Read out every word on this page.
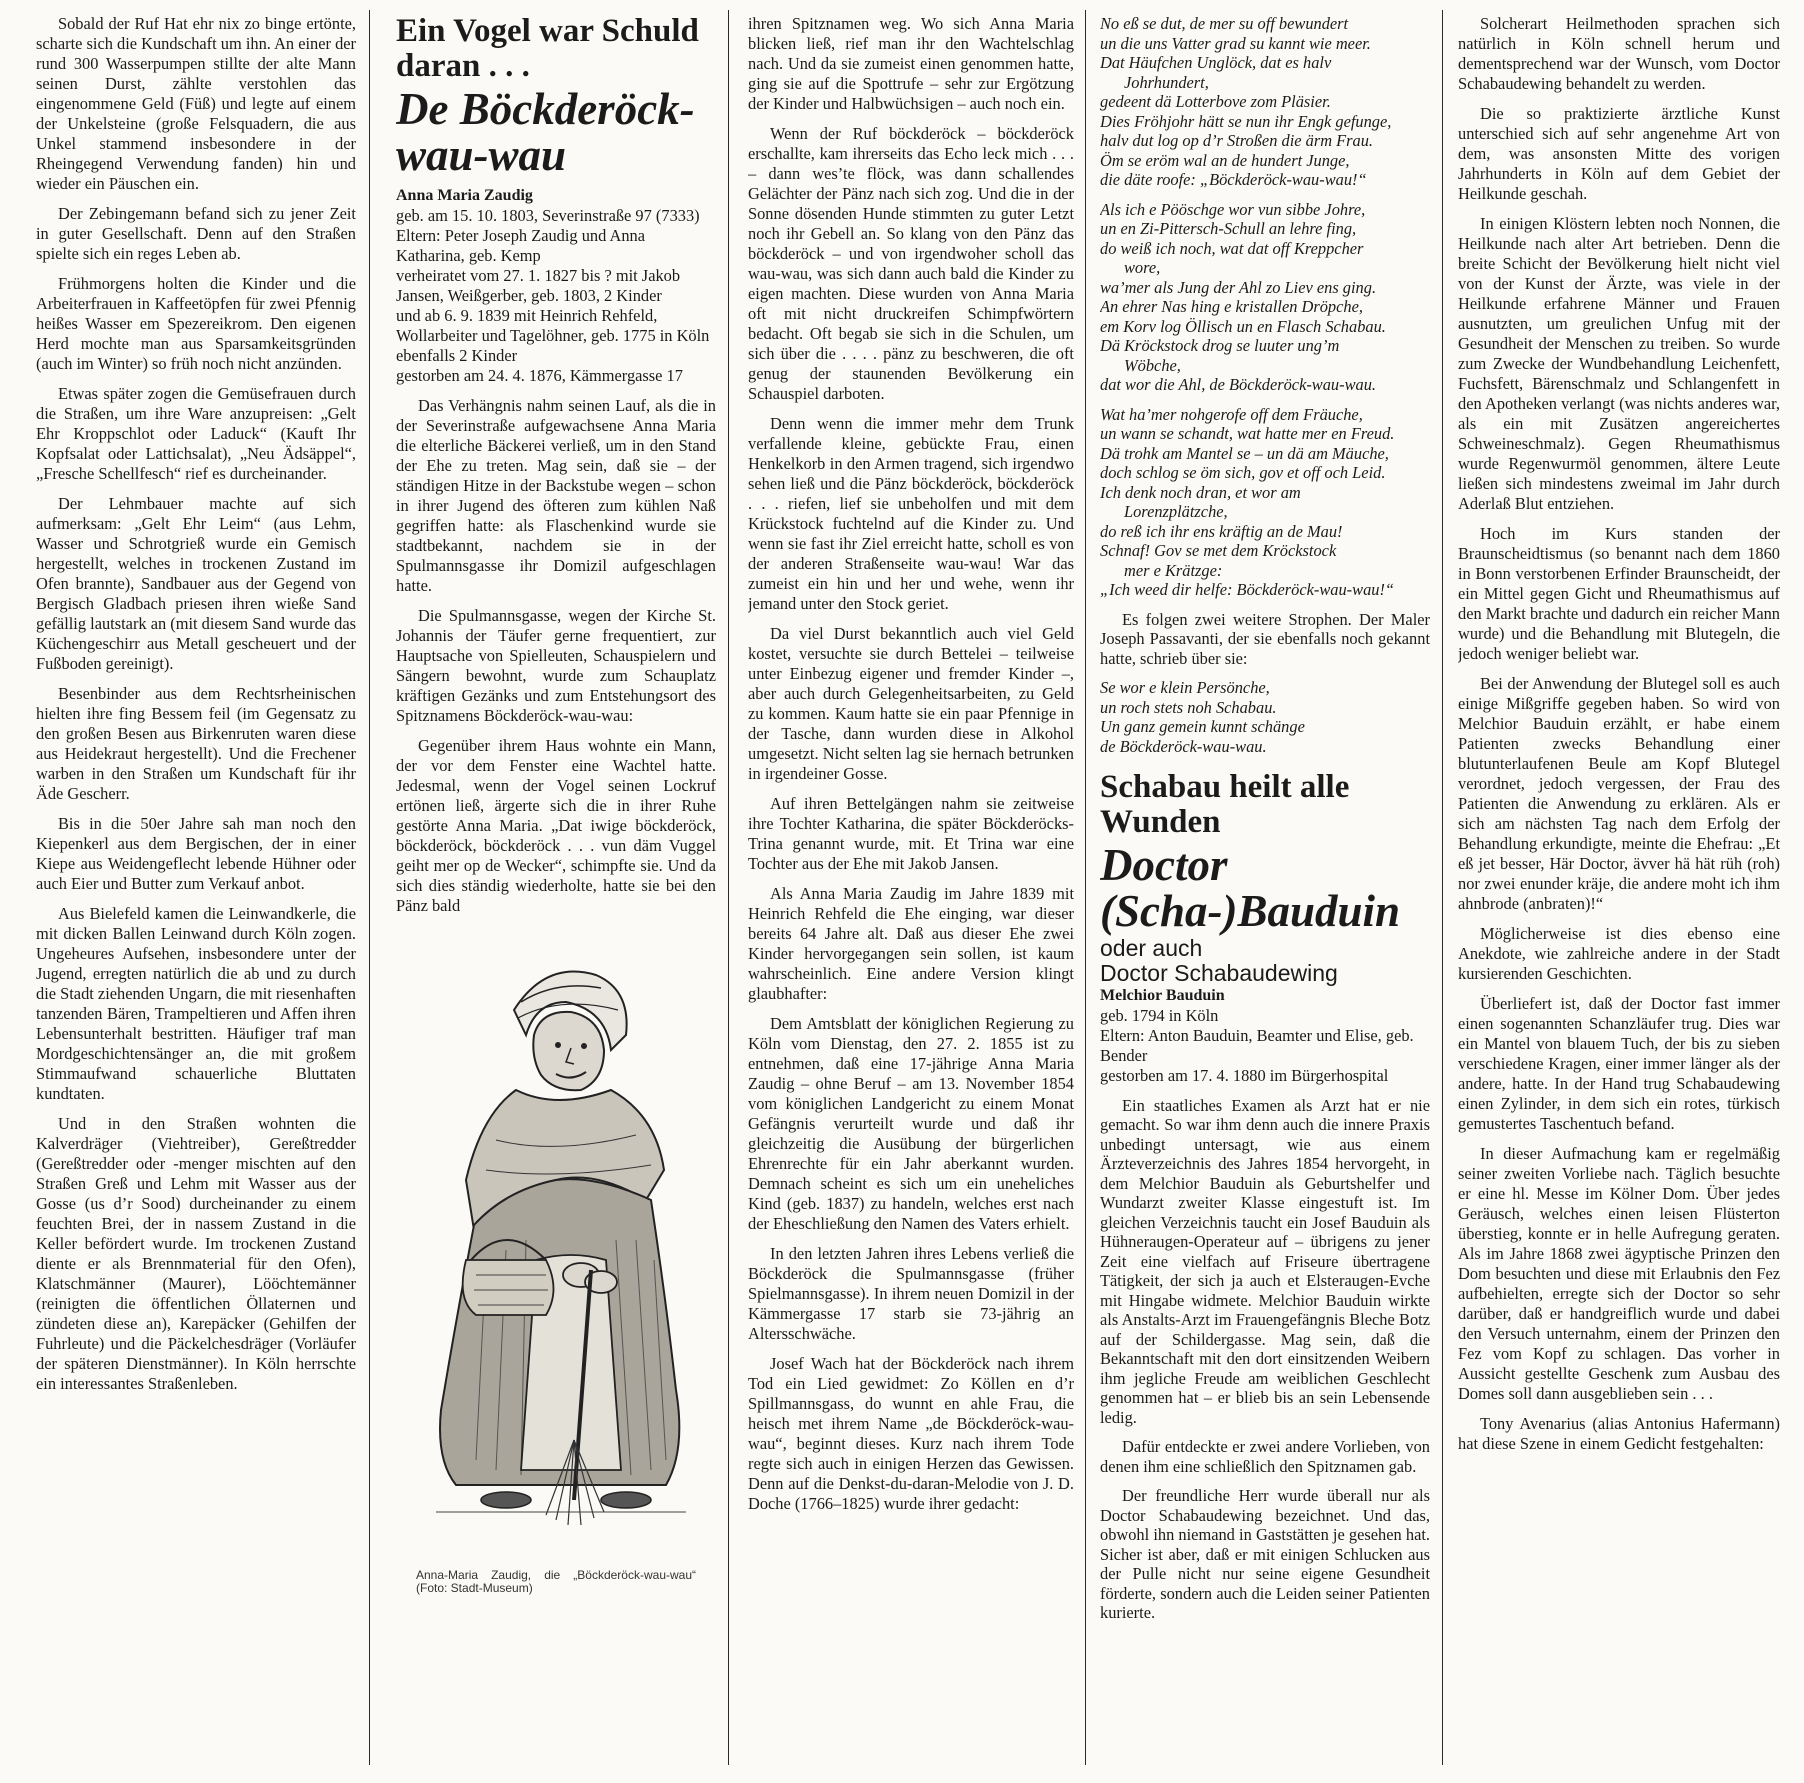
Sobald der Ruf Hat ehr nix zo binge ertönte, scharte sich die Kundschaft um ihn. An einer der rund 300 Wasserpumpen stillte der alte Mann seinen Durst, zählte verstohlen das eingenommene Geld (Füß) und legte auf einem der Unkelsteine (große Felsquadern, die aus Unkel stammend insbesondere in der Rheingegend Verwendung fanden) hin und wieder ein Päuschen ein.

Der Zebingemann befand sich zu jener Zeit in guter Gesellschaft. Denn auf den Straßen spielte sich ein reges Leben ab.

Frühmorgens holten die Kinder und die Arbeiterfrauen in Kaffeetöpfen für zwei Pfennig heißes Wasser em Spezereikrom. Den eigenen Herd mochte man aus Sparsamkeitsgründen (auch im Winter) so früh noch nicht anzünden.

Etwas später zogen die Gemüsefrauen durch die Straßen, um ihre Ware anzupreisen: „Gelt Ehr Kroppschlot oder Laduck“ (Kauft Ihr Kopfsalat oder Lattichsalat), „Neu Ädsäppel“, „Fresche Schellfesch“ rief es durcheinander.

Der Lehmbauer machte auf sich aufmerksam: „Gelt Ehr Leim“ (aus Lehm, Wasser und Schrotgrieß wurde ein Gemisch hergestellt, welches in trockenen Zustand im Ofen brannte), Sandbauer aus der Gegend von Bergisch Gladbach priesen ihren wieße Sand gefällig lautstark an (mit diesem Sand wurde das Küchengeschirr aus Metall gescheuert und der Fußboden gereinigt).

Besenbinder aus dem Rechtsrheinischen hielten ihre fing Bessem feil (im Gegensatz zu den großen Besen aus Birkenruten waren diese aus Heidekraut hergestellt). Und die Frechener warben in den Straßen um Kundschaft für ihr Äde Gescherr.

Bis in die 50er Jahre sah man noch den Kiepenkerl aus dem Bergischen, der in einer Kiepe aus Weidengeflecht lebende Hühner oder auch Eier und Butter zum Verkauf anbot.

Aus Bielefeld kamen die Leinwandkerle, die mit dicken Ballen Leinwand durch Köln zogen. Ungeheures Aufsehen, insbesondere unter der Jugend, erregten natürlich die ab und zu durch die Stadt ziehenden Ungarn, die mit riesenhaften tanzenden Bären, Trampeltieren und Affen ihren Lebensunterhalt bestritten. Häufiger traf man Mordgeschichtensänger an, die mit großem Stimmaufwand schauerliche Bluttaten kundtaten.

Und in den Straßen wohnten die Kalverdräger (Viehtreiber), Gereßtredder (Gereßtredder oder -menger mischten auf den Straßen Greß und Lehm mit Wasser aus der Gosse (us d’r Sood) durcheinander zu einem feuchten Brei, der in nassem Zustand in die Keller befördert wurde. Im trockenen Zustand diente er als Brennmaterial für den Ofen), Klatschmänner (Maurer), Lööchtemänner (reinigten die öffentlichen Öllaternen und zündeten diese an), Karepäcker (Gehilfen der Fuhrleute) und die Päckelchesdräger (Vorläufer der späteren Dienstmänner). In Köln herrschte ein interessantes Straßenleben.

Ein Vogel war Schuld daran . . .
De Böckderöck-wau-wau
Anna Maria Zaudig
geb. am 15. 10. 1803, Severinstraße 97 (7333)
Eltern: Peter Joseph Zaudig und Anna Katharina, geb. Kemp
verheiratet vom 27. 1. 1827 bis ? mit Jakob Jansen, Weißgerber, geb. 1803, 2 Kinder
und ab 6. 9. 1839 mit Heinrich Rehfeld, Wollarbeiter und Tagelöhner, geb. 1775 in Köln
ebenfalls 2 Kinder
gestorben am 24. 4. 1876, Kämmergasse 17

Das Verhängnis nahm seinen Lauf, als die in der Severinstraße aufgewachsene Anna Maria die elterliche Bäckerei verließ, um in den Stand der Ehe zu treten. Mag sein, daß sie – der ständigen Hitze in der Backstube wegen – schon in ihrer Jugend des öfteren zum kühlen Naß gegriffen hatte: als Flaschenkind wurde sie stadtbekannt, nachdem sie in der Spulmannsgasse ihr Domizil aufgeschlagen hatte.

Die Spulmannsgasse, wegen der Kirche St. Johannis der Täufer gerne frequentiert, zur Hauptsache von Spielleuten, Schauspielern und Sängern bewohnt, wurde zum Schauplatz kräftigen Gezänks und zum Entstehungsort des Spitznamens Böckderöck-wau-wau:

Gegenüber ihrem Haus wohnte ein Mann, der vor dem Fenster eine Wachtel hatte. Jedesmal, wenn der Vogel seinen Lockruf ertönen ließ, ärgerte sich die in ihrer Ruhe gestörte Anna Maria. „Dat iwige böckderöck, böckderöck, böckderöck . . . vun däm Vuggel geiht mer op de Wecker“, schimpfte sie. Und da sich dies ständig wiederholte, hatte sie bei den Pänz bald

Anna-Maria Zaudig, die „Böckderöck-wau-wau“ (Foto: Stadt-Museum)

ihren Spitznamen weg. Wo sich Anna Maria blicken ließ, rief man ihr den Wachtelschlag nach. Und da sie zumeist einen genommen hatte, ging sie auf die Spottrufe – sehr zur Ergötzung der Kinder und Halbwüchsigen – auch noch ein.

Wenn der Ruf böckderöck – böckderöck erschallte, kam ihrerseits das Echo leck mich . . . – dann wes’te flöck, was dann schallendes Gelächter der Pänz nach sich zog. Und die in der Sonne dösenden Hunde stimmten zu guter Letzt noch ihr Gebell an. So klang von den Pänz das böckderöck – und von irgendwoher scholl das wau-wau, was sich dann auch bald die Kinder zu eigen machten. Diese wurden von Anna Maria oft mit nicht druckreifen Schimpfwörtern bedacht. Oft begab sie sich in die Schulen, um sich über die . . . . pänz zu beschweren, die oft genug der staunenden Bevölkerung ein Schauspiel darboten.

Denn wenn die immer mehr dem Trunk verfallende kleine, gebückte Frau, einen Henkelkorb in den Armen tragend, sich irgendwo sehen ließ und die Pänz böckderöck, böckderöck . . . riefen, lief sie unbeholfen und mit dem Krückstock fuchtelnd auf die Kinder zu. Und wenn sie fast ihr Ziel erreicht hatte, scholl es von der anderen Straßenseite wau-wau! War das zumeist ein hin und her und wehe, wenn ihr jemand unter den Stock geriet.

Da viel Durst bekanntlich auch viel Geld kostet, versuchte sie durch Bettelei – teilweise unter Einbezug eigener und fremder Kinder –, aber auch durch Gelegenheitsarbeiten, zu Geld zu kommen. Kaum hatte sie ein paar Pfennige in der Tasche, dann wurden diese in Alkohol umgesetzt. Nicht selten lag sie hernach betrunken in irgendeiner Gosse.

Auf ihren Bettelgängen nahm sie zeitweise ihre Tochter Katharina, die später Böckderöcks-Trina genannt wurde, mit. Et Trina war eine Tochter aus der Ehe mit Jakob Jansen.

Als Anna Maria Zaudig im Jahre 1839 mit Heinrich Rehfeld die Ehe einging, war dieser bereits 64 Jahre alt. Daß aus dieser Ehe zwei Kinder hervorgegangen sein sollen, ist kaum wahrscheinlich. Eine andere Version klingt glaubhafter:

Dem Amtsblatt der königlichen Regierung zu Köln vom Dienstag, den 27. 2. 1855 ist zu entnehmen, daß eine 17-jährige Anna Maria Zaudig – ohne Beruf – am 13. November 1854 vom königlichen Landgericht zu einem Monat Gefängnis verurteilt wurde und daß ihr gleichzeitig die Ausübung der bürgerlichen Ehrenrechte für ein Jahr aberkannt wurden. Demnach scheint es sich um ein uneheliches Kind (geb. 1837) zu handeln, welches erst nach der Eheschließung den Namen des Vaters erhielt.

In den letzten Jahren ihres Lebens verließ die Böckderöck die Spulmannsgasse (früher Spielmannsgasse). In ihrem neuen Domizil in der Kämmergasse 17 starb sie 73-jährig an Altersschwäche.

Josef Wach hat der Böckderöck nach ihrem Tod ein Lied gewidmet: Zo Köllen en d’r Spillmannsgass, do wunnt en ahle Frau, die heisch met ihrem Name „de Böckderöck-wau-wau“, beginnt dieses. Kurz nach ihrem Tode regte sich auch in einigen Herzen das Gewissen. Denn auf die Denkst-du-daran-Melodie von J. D. Doche (1766–1825) wurde ihrer gedacht:

No eß se dut, de mer su off bewundert
un die uns Vatter grad su kannt wie meer.
Dat Häufchen Unglöck, dat es halv
Johrhundert,
gedeent dä Lotterbove zom Pläsier.
Dies Fröhjohr hätt se nun ihr Engk gefunge,
halv dut log op d’r Stroßen die ärm Frau.
Öm se eröm wal an de hundert Junge,
die däte roofe: „Böckderöck-wau-wau!“
Als ich e Pööschge wor vun sibbe Johre,
un en Zi-Pittersch-Schull an lehre fing,
do weiß ich noch, wat dat off Kreppcher
wore,
wa’mer als Jung der Ahl zo Liev ens ging.
An ehrer Nas hing e kristallen Dröpche,
em Korv log Öllisch un en Flasch Schabau.
Dä Kröckstock drog se luuter ung’m
Wöbche,
dat wor die Ahl, de Böckderöck-wau-wau.
Wat ha’mer nohgerofe off dem Fräuche,
un wann se schandt, wat hatte mer en Freud.
Dä trohk am Mantel se – un dä am Mäuche,
doch schlog se öm sich, gov et off och Leid.
Ich denk noch dran, et wor am
Lorenzplätzche,
do reß ich ihr ens kräftig an de Mau!
Schnaf! Gov se met dem Kröckstock
mer e Krätzge:
„Ich weed dir helfe: Böckderöck-wau-wau!“

Es folgen zwei weitere Strophen. Der Maler Joseph Passavanti, der sie ebenfalls noch gekannt hatte, schrieb über sie:

Se wor e klein Persönche,
un roch stets noh Schabau.
Un ganz gemein kunnt schänge
de Böckderöck-wau-wau.
Schabau heilt alle Wunden
Doctor (Scha-)Bauduin
oder auch
Doctor Schabaudewing
Melchior Bauduin
geb. 1794 in Köln
Eltern: Anton Bauduin, Beamter und Elise, geb. Bender
gestorben am 17. 4. 1880 im Bürgerhospital

Ein staatliches Examen als Arzt hat er nie gemacht. So war ihm denn auch die innere Praxis unbedingt untersagt, wie aus einem Ärzteverzeichnis des Jahres 1854 hervorgeht, in dem Melchior Bauduin als Geburtshelfer und Wundarzt zweiter Klasse eingestuft ist. Im gleichen Verzeichnis taucht ein Josef Bauduin als Hühneraugen-Operateur auf – übrigens zu jener Zeit eine vielfach auf Friseure übertragene Tätigkeit, der sich ja auch et Elsteraugen-Evche mit Hingabe widmete. Melchior Bauduin wirkte als Anstalts-Arzt im Frauengefängnis Bleche Botz auf der Schildergasse. Mag sein, daß die Bekanntschaft mit den dort einsitzenden Weibern ihm jegliche Freude am weiblichen Geschlecht genommen hat – er blieb bis an sein Lebensende ledig.

Dafür entdeckte er zwei andere Vorlieben, von denen ihm eine schließlich den Spitznamen gab.

Der freundliche Herr wurde überall nur als Doctor Schabaudewing bezeichnet. Und das, obwohl ihn niemand in Gaststätten je gesehen hat. Sicher ist aber, daß er mit einigen Schlucken aus der Pulle nicht nur seine eigene Gesundheit förderte, sondern auch die Leiden seiner Patienten kurierte.

Solcherart Heilmethoden sprachen sich natürlich in Köln schnell herum und dementsprechend war der Wunsch, vom Doctor Schabaudewing behandelt zu werden.

Die so praktizierte ärztliche Kunst unterschied sich auf sehr angenehme Art von dem, was ansonsten Mitte des vorigen Jahrhunderts in Köln auf dem Gebiet der Heilkunde geschah.

In einigen Klöstern lebten noch Nonnen, die Heilkunde nach alter Art betrieben. Denn die breite Schicht der Bevölkerung hielt nicht viel von der Kunst der Ärzte, was viele in der Heilkunde erfahrene Männer und Frauen ausnutzten, um greulichen Unfug mit der Gesundheit der Menschen zu treiben. So wurde zum Zwecke der Wundbehandlung Leichenfett, Fuchsfett, Bärenschmalz und Schlangenfett in den Apotheken verlangt (was nichts anderes war, als ein mit Zusätzen angereichertes Schweineschmalz). Gegen Rheumathismus wurde Regenwurmöl genommen, ältere Leute ließen sich mindestens zweimal im Jahr durch Aderlaß Blut entziehen.

Hoch im Kurs standen der Braunscheidtismus (so benannt nach dem 1860 in Bonn verstorbenen Erfinder Braunscheidt, der ein Mittel gegen Gicht und Rheumathismus auf den Markt brachte und dadurch ein reicher Mann wurde) und die Behandlung mit Blutegeln, die jedoch weniger beliebt war.

Bei der Anwendung der Blutegel soll es auch einige Mißgriffe gegeben haben. So wird von Melchior Bauduin erzählt, er habe einem Patienten zwecks Behandlung einer blutunterlaufenen Beule am Kopf Blutegel verordnet, jedoch vergessen, der Frau des Patienten die Anwendung zu erklären. Als er sich am nächsten Tag nach dem Erfolg der Behandlung erkundigte, meinte die Ehefrau: „Et eß jet besser, Här Doctor, ävver hä hät rüh (roh) nor zwei enunder kräje, die andere moht ich ihm ahnbrode (anbraten)!“

Möglicherweise ist dies ebenso eine Anekdote, wie zahlreiche andere in der Stadt kursierenden Geschichten.

Überliefert ist, daß der Doctor fast immer einen sogenannten Schanzläufer trug. Dies war ein Mantel von blauem Tuch, der bis zu sieben verschiedene Kragen, einer immer länger als der andere, hatte. In der Hand trug Schabaudewing einen Zylinder, in dem sich ein rotes, türkisch gemustertes Taschentuch befand.

In dieser Aufmachung kam er regelmäßig seiner zweiten Vorliebe nach. Täglich besuchte er eine hl. Messe im Kölner Dom. Über jedes Geräusch, welches einen leisen Flüsterton überstieg, konnte er in helle Aufregung geraten. Als im Jahre 1868 zwei ägyptische Prinzen den Dom besuchten und diese mit Erlaubnis den Fez aufbehielten, erregte sich der Doctor so sehr darüber, daß er handgreiflich wurde und dabei den Versuch unternahm, einem der Prinzen den Fez vom Kopf zu schlagen. Das vorher in Aussicht gestellte Geschenk zum Ausbau des Domes soll dann ausgeblieben sein . . .

Tony Avenarius (alias Antonius Hafermann) hat diese Szene in einem Gedicht festgehalten:
